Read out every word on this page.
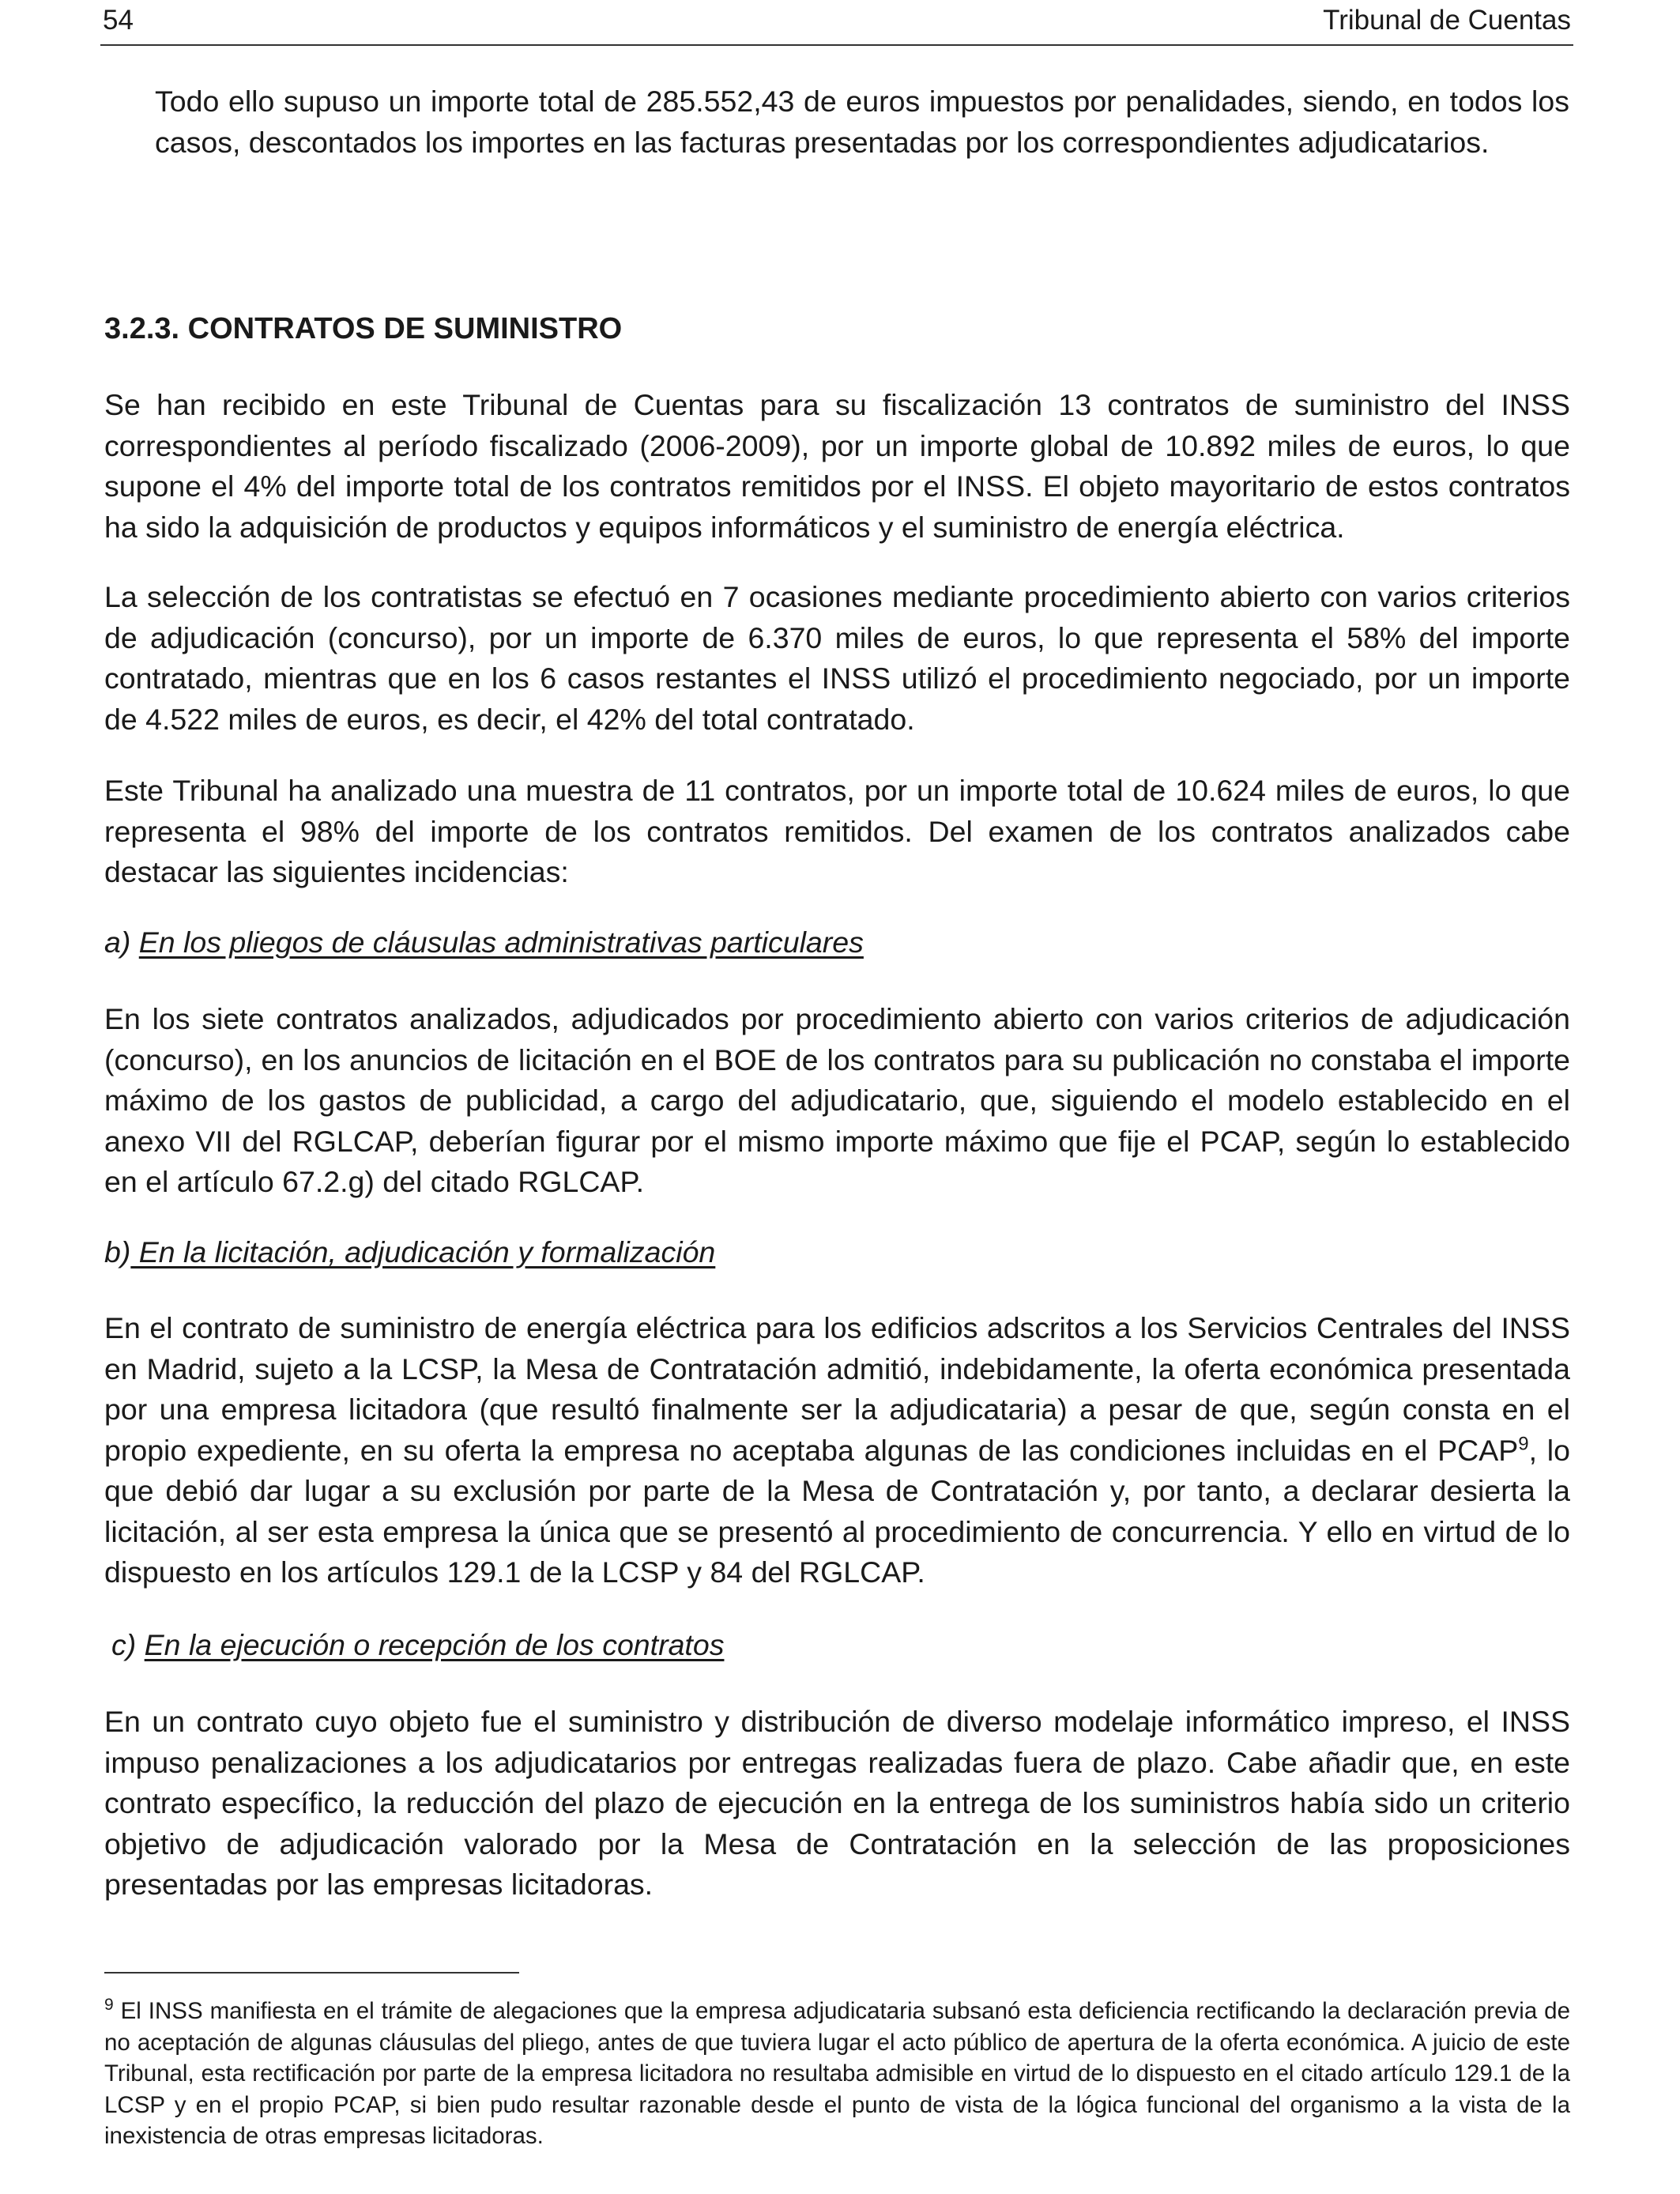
54	Tribunal de Cuentas

Todo ello supuso un importe total de 285.552,43 de euros impuestos por penalidades, siendo, en todos los casos, descontados los importes en las facturas presentadas por los correspondientes adjudicatarios.

3.2.3. CONTRATOS DE SUMINISTRO

Se han recibido en este Tribunal de Cuentas para su fiscalización 13 contratos de suministro del INSS correspondientes al período fiscalizado (2006-2009), por un importe global de 10.892 miles de euros, lo que supone el 4% del importe total de los contratos remitidos por el INSS. El objeto mayoritario de estos contratos ha sido la adquisición de productos y equipos informáticos y el suministro de energía eléctrica.

La selección de los contratistas se efectuó en 7 ocasiones mediante procedimiento abierto con varios criterios de adjudicación (concurso), por un importe de 6.370 miles de euros, lo que representa el 58% del importe contratado, mientras que en los 6 casos restantes el INSS utilizó el procedimiento negociado, por un importe de 4.522 miles de euros, es decir, el 42% del total contratado.

Este Tribunal ha analizado una muestra de 11 contratos, por un importe total de 10.624 miles de euros, lo que representa el 98% del importe de los contratos remitidos. Del examen de los contratos analizados cabe destacar las siguientes incidencias:

a) En los pliegos de cláusulas administrativas particulares

En los siete contratos analizados, adjudicados por procedimiento abierto con varios criterios de adjudicación (concurso), en los anuncios de licitación en el BOE de los contratos para su publicación no constaba el importe máximo de los gastos de publicidad, a cargo del adjudicatario, que, siguiendo el modelo establecido en el anexo VII del RGLCAP, deberían figurar por el mismo importe máximo que fije el PCAP, según lo establecido en el artículo 67.2.g) del citado RGLCAP.

b) En la licitación, adjudicación y formalización

En el contrato de suministro de energía eléctrica para los edificios adscritos a los Servicios Centrales del INSS en Madrid, sujeto a la LCSP, la Mesa de Contratación admitió, indebidamente, la oferta económica presentada por una empresa licitadora (que resultó finalmente ser la adjudicataria) a pesar de que, según consta en el propio expediente, en su oferta la empresa no aceptaba algunas de las condiciones incluidas en el PCAP$^9$, lo que debió dar lugar a su exclusión por parte de la Mesa de Contratación y, por tanto, a declarar desierta la licitación, al ser esta empresa la única que se presentó al procedimiento de concurrencia. Y ello en virtud de lo dispuesto en los artículos 129.1 de la LCSP y 84 del RGLCAP.

c) En la ejecución o recepción de los contratos

En un contrato cuyo objeto fue el suministro y distribución de diverso modelaje informático impreso, el INSS impuso penalizaciones a los adjudicatarios por entregas realizadas fuera de plazo. Cabe añadir que, en este contrato específico, la reducción del plazo de ejecución en la entrega de los suministros había sido un criterio objetivo de adjudicación valorado por la Mesa de Contratación en la selección de las proposiciones presentadas por las empresas licitadoras.

$^9$ El INSS manifiesta en el trámite de alegaciones que la empresa adjudicataria subsanó esta deficiencia rectificando la declaración previa de no aceptación de algunas cláusulas del pliego, antes de que tuviera lugar el acto público de apertura de la oferta económica. A juicio de este Tribunal, esta rectificación por parte de la empresa licitadora no resultaba admisible en virtud de lo dispuesto en el citado artículo 129.1 de la LCSP y en el propio PCAP, si bien pudo resultar razonable desde el punto de vista de la lógica funcional del organismo a la vista de la inexistencia de otras empresas licitadoras.
